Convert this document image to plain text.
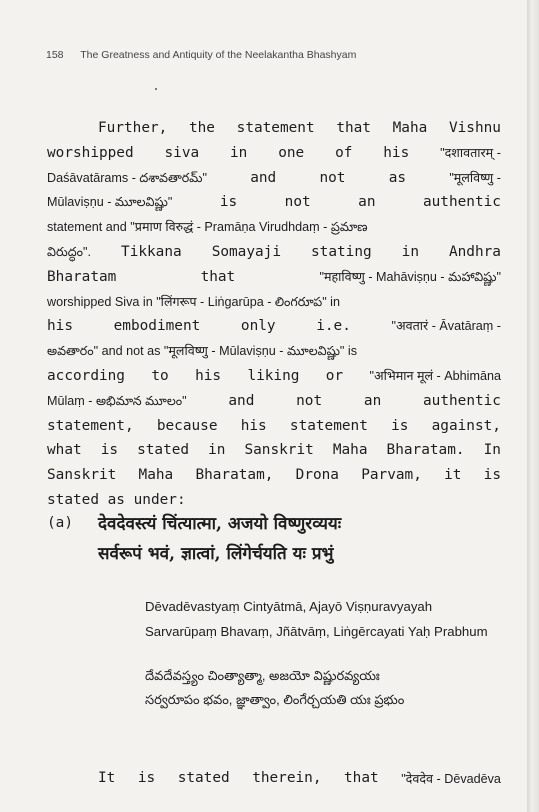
158 The Greatness and Antiquity of the Neelakantha Bhashyam
Further, the statement that Maha Vishnu
worshipped siva in one of his "दशावतारम् -
Daśāvatārams - దశావతారమ్"	and	not	as	"मूलविष्णु -
Mūlaviṣṇu - మూలవిష్ణు"	is	not	an	authentic
statement and "प्रमाण विरुद्धं - Pramāṇa Virudhdaṃ - ప్రమాణ
విరుద్ధం". Tikkana Somayaji stating in Andhra
Bharatam	that	"महाविष्णु - Mahāviṣṇu - మహావిష్ణు"
worshipped Siva in "लिंगरूप - Liṅgarūpa - లింగరూప" in
his	embodiment	only	i.e.	"अवतारं - Āvatāraṃ -
అవతారం" and not as "मूलविष्णु - Mūlaviṣṇu - మూలవిష్ణు" is
according to his liking or "अभिमान मूलं - Abhimāna
Mūlaṃ - అభిమాన మూలం"	and	not	an	authentic
statement, because his statement is against,
what is stated in Sanskrit Maha Bharatam. In
Sanskrit Maha Bharatam, Drona Parvam, it is
stated as under:
(a) देवदेवस्त्यं चिंत्यात्मा, अजयो विष्णुरव्ययः
सर्वरूपं भवं, ज्ञात्वां, लिंगेर्चयति यः प्रभुं
Dēvadēvastyaṃ Cintyātmā, Ajayō Viṣṇuravyayah
Sarvarūpaṃ Bhavaṃ, Jñātvāṃ, Liṅgērcayati Yaḥ Prabhum
దేవదేవస్త్యం చింత్యాత్మా, అజయో విష్ణురవ్యయః
సర్వరూపం భవం, జ్ఞాత్వాం, లింగేర్చయతి యః ప్రభుం
It is stated therein, that "देवदेव - Dēvadēva
